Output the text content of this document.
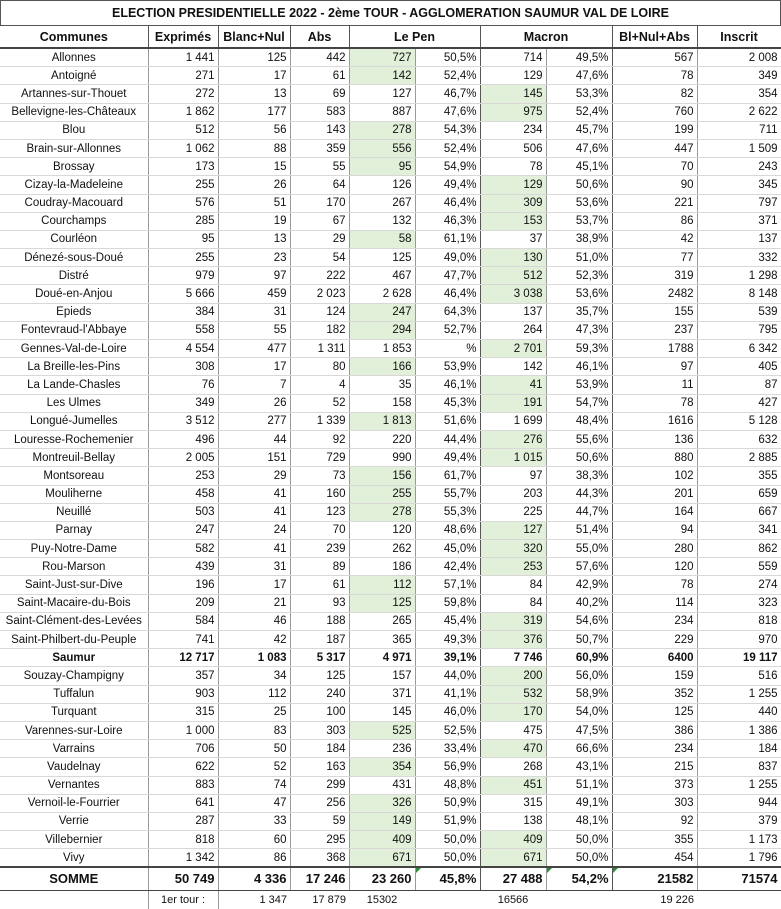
ELECTION PRESIDENTIELLE 2022 - 2ème TOUR - AGGLOMERATION SAUMUR VAL DE LOIRE
Communes	Exprimés	Blanc+Nul	Abs	Le Pen		Macron		Bl+Nul+Abs	Inscrit
Allonnes	1 441	125	442	727	50,5%	714	49,5%	567	2 008
Antoigné	271	17	61	142	52,4%	129	47,6%	78	349
Artannes-sur-Thouet	272	13	69	127	46,7%	145	53,3%	82	354
Bellevigne-les-Châteaux	1 862	177	583	887	47,6%	975	52,4%	760	2 622
Blou	512	56	143	278	54,3%	234	45,7%	199	711
Brain-sur-Allonnes	1 062	88	359	556	52,4%	506	47,6%	447	1 509
Brossay	173	15	55	95	54,9%	78	45,1%	70	243
Cizay-la-Madeleine	255	26	64	126	49,4%	129	50,6%	90	345
Coudray-Macouard	576	51	170	267	46,4%	309	53,6%	221	797
Courchamps	285	19	67	132	46,3%	153	53,7%	86	371
Courléon	95	13	29	58	61,1%	37	38,9%	42	137
Dénezé-sous-Doué	255	23	54	125	49,0%	130	51,0%	77	332
Distré	979	97	222	467	47,7%	512	52,3%	319	1 298
Doué-en-Anjou	5 666	459	2 023	2 628	46,4%	3 038	53,6%	2482	8 148
Epieds	384	31	124	247	64,3%	137	35,7%	155	539
Fontevraud-l'Abbaye	558	55	182	294	52,7%	264	47,3%	237	795
Gennes-Val-de-Loire	4 554	477	1 311	1 853	%	2 701	59,3%	1788	6 342
La Breille-les-Pins	308	17	80	166	53,9%	142	46,1%	97	405
La Lande-Chasles	76	7	4	35	46,1%	41	53,9%	11	87
Les Ulmes	349	26	52	158	45,3%	191	54,7%	78	427
Longué-Jumelles	3 512	277	1 339	1 813	51,6%	1 699	48,4%	1616	5 128
Louresse-Rochemenier	496	44	92	220	44,4%	276	55,6%	136	632
Montreuil-Bellay	2 005	151	729	990	49,4%	1 015	50,6%	880	2 885
Montsoreau	253	29	73	156	61,7%	97	38,3%	102	355
Mouliherne	458	41	160	255	55,7%	203	44,3%	201	659
Neuillé	503	41	123	278	55,3%	225	44,7%	164	667
Parnay	247	24	70	120	48,6%	127	51,4%	94	341
Puy-Notre-Dame	582	41	239	262	45,0%	320	55,0%	280	862
Rou-Marson	439	31	89	186	42,4%	253	57,6%	120	559
Saint-Just-sur-Dive	196	17	61	112	57,1%	84	42,9%	78	274
Saint-Macaire-du-Bois	209	21	93	125	59,8%	84	40,2%	114	323
Saint-Clément-des-Levées	584	46	188	265	45,4%	319	54,6%	234	818
Saint-Philbert-du-Peuple	741	42	187	365	49,3%	376	50,7%	229	970
Saumur	12 717	1 083	5 317	4 971	39,1%	7 746	60,9%	6400	19 117
Souzay-Champigny	357	34	125	157	44,0%	200	56,0%	159	516
Tuffalun	903	112	240	371	41,1%	532	58,9%	352	1 255
Turquant	315	25	100	145	46,0%	170	54,0%	125	440
Varennes-sur-Loire	1 000	83	303	525	52,5%	475	47,5%	386	1 386
Varrains	706	50	184	236	33,4%	470	66,6%	234	184
Vaudelnay	622	52	163	354	56,9%	268	43,1%	215	837
Vernantes	883	74	299	431	48,8%	451	51,1%	373	1 255
Vernoil-le-Fourrier	641	47	256	326	50,9%	315	49,1%	303	944
Verrie	287	33	59	149	51,9%	138	48,1%	92	379
Villebernier	818	60	295	409	50,0%	409	50,0%	355	1 173
Vivy	1 342	86	368	671	50,0%	671	50,0%	454	1 796
SOMME	50 749	4 336	17 246	23 260	45,8%	27 488	54,2%	21582	71574
	1er tour :	1 347	17 879	15302		16566		19 226	
